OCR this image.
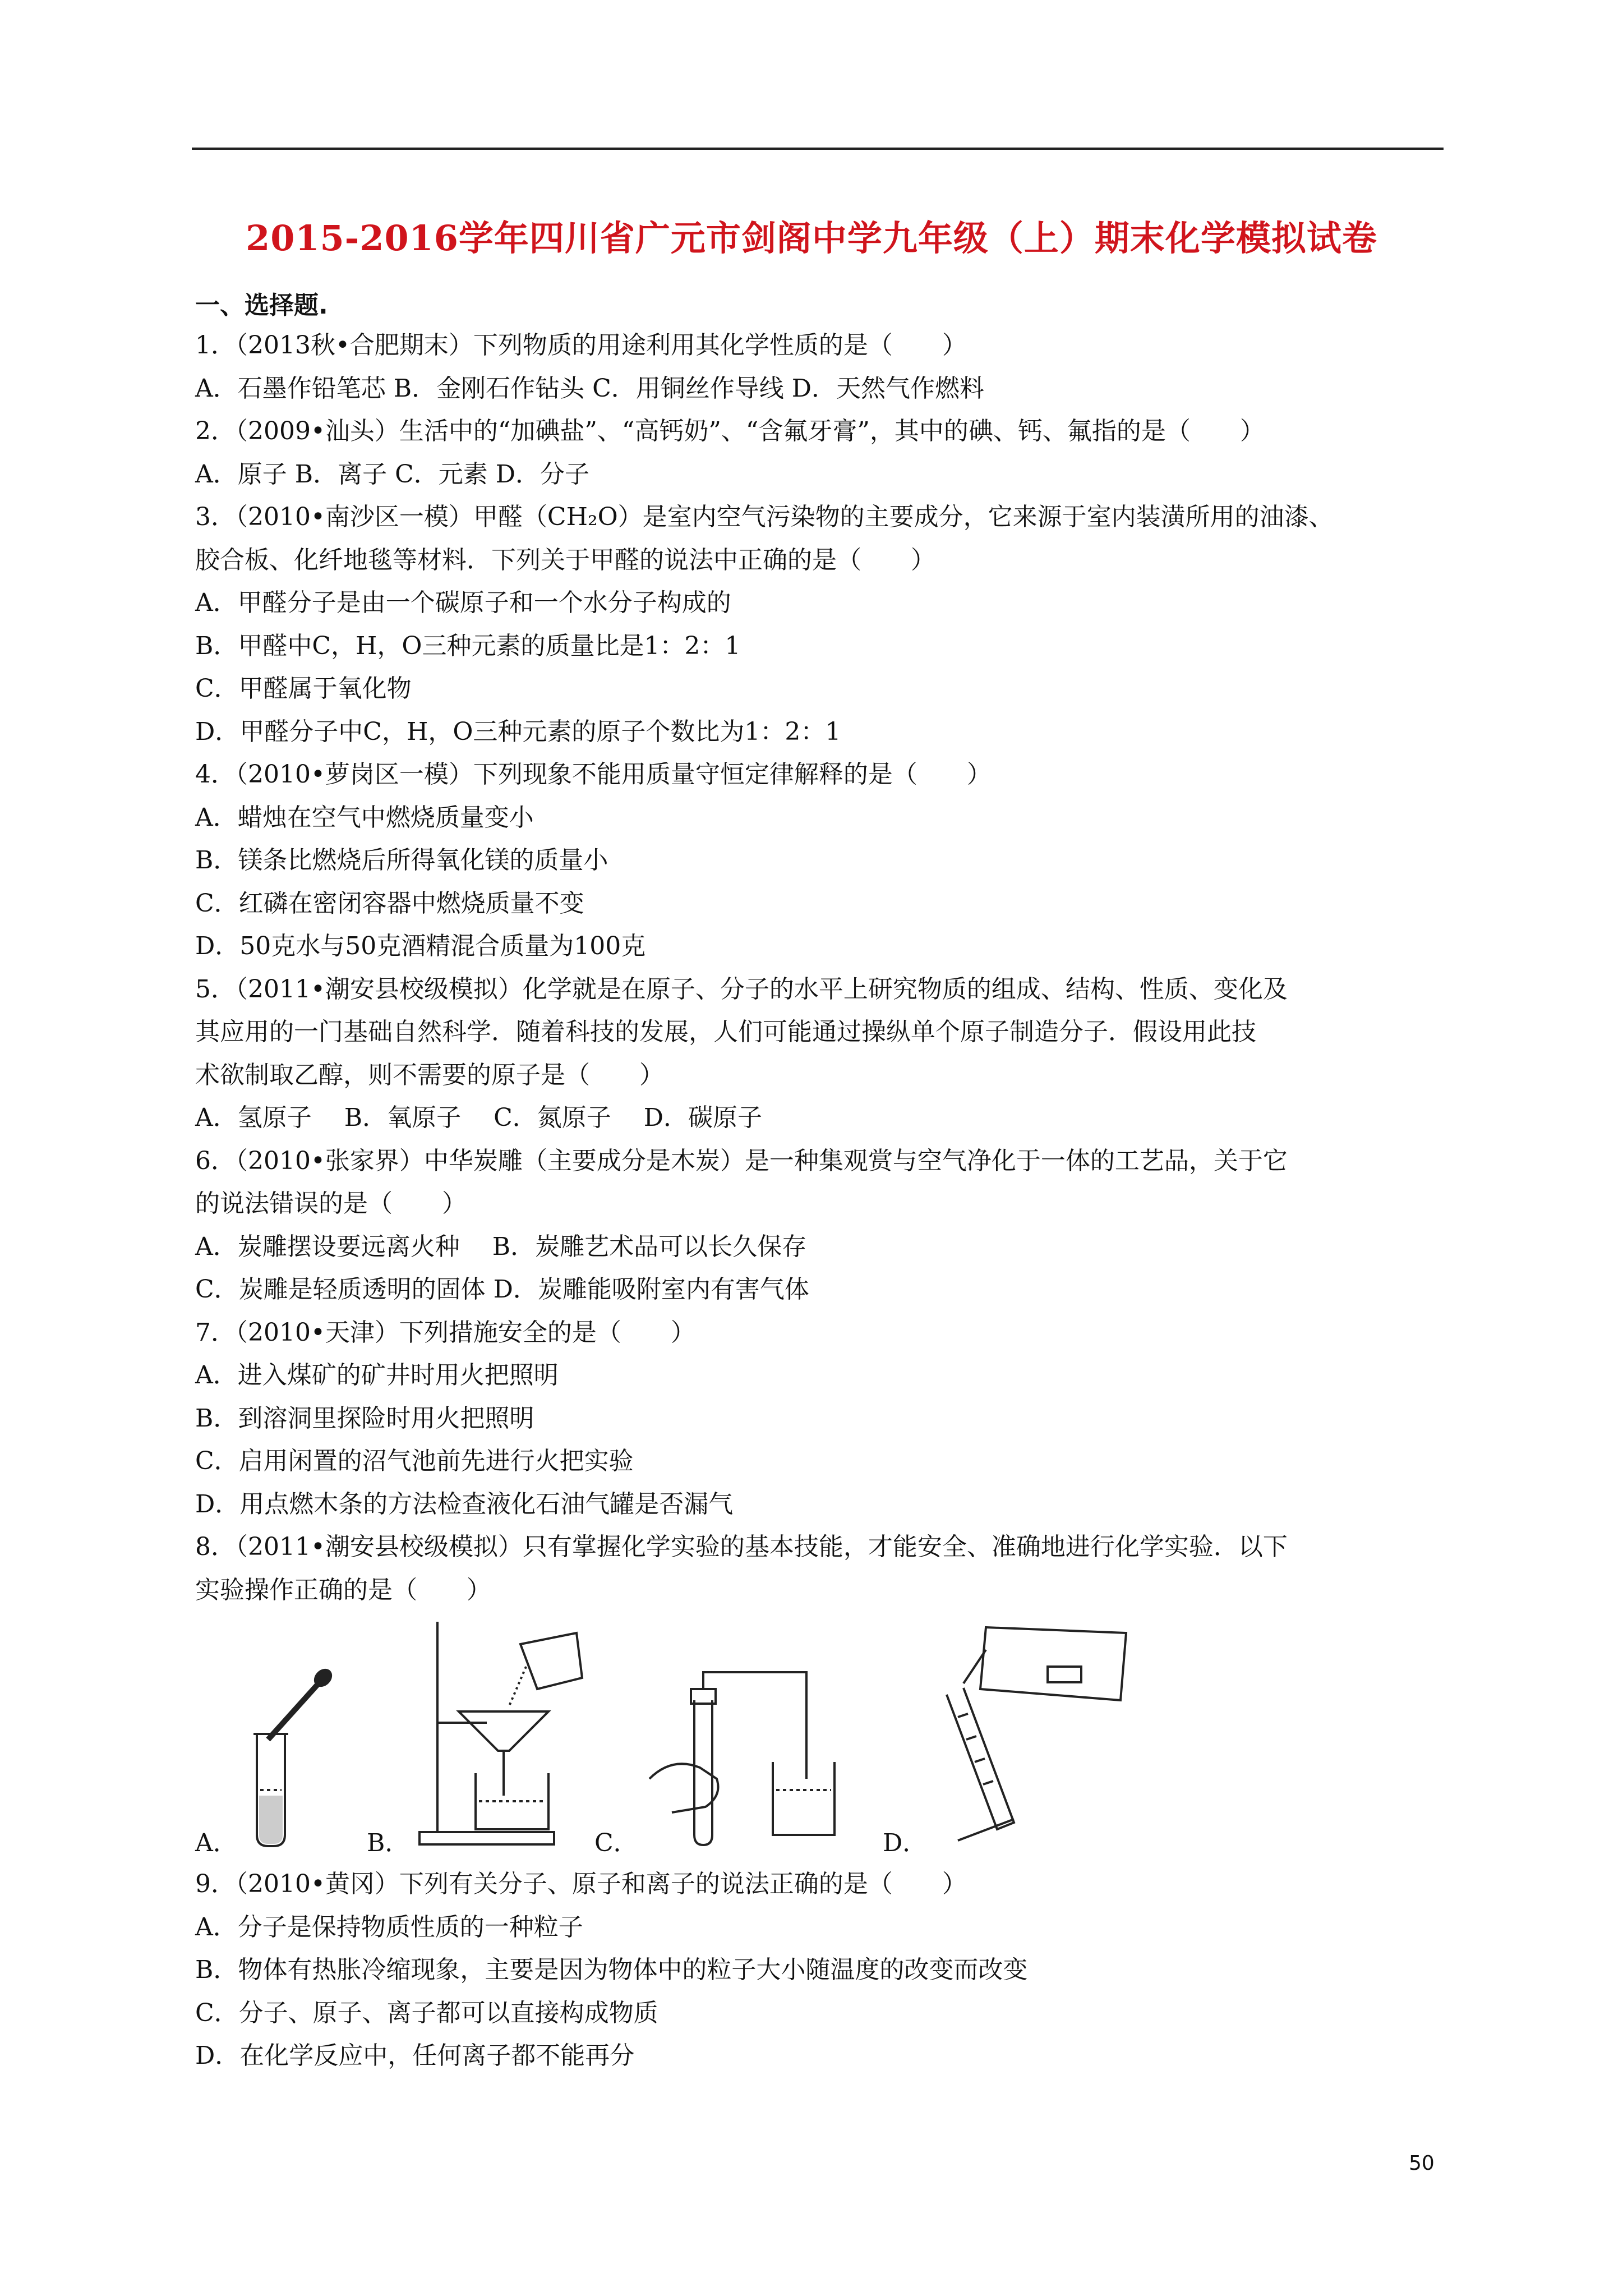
2015-2016学年四川省广元市剑阁中学九年级（上）期末化学模拟试卷
一、选择题.
1．（2013秋•合肥期末）下列物质的用途利用其化学性质的是（　　）
A．石墨作铅笔芯 B．金刚石作钻头 C．用铜丝作导线 D．天然气作燃料
2．（2009•汕头）生活中的“加碘盐”、“高钙奶”、“含氟牙膏”，其中的碘、钙、氟指的是（　　）
A．原子 B．离子 C．元素 D．分子
3．（2010•南沙区一模）甲醛（CH₂O）是室内空气污染物的主要成分，它来源于室内装潢所用的油漆、
胶合板、化纤地毯等材料．下列关于甲醛的说法中正确的是（　　）
A．甲醛分子是由一个碳原子和一个水分子构成的
B．甲醛中C，H，O三种元素的质量比是1：2：1
C．甲醛属于氧化物
D．甲醛分子中C，H，O三种元素的原子个数比为1：2：1
4．（2010•萝岗区一模）下列现象不能用质量守恒定律解释的是（　　）
A．蜡烛在空气中燃烧质量变小
B．镁条比燃烧后所得氧化镁的质量小
C．红磷在密闭容器中燃烧质量不变
D．50克水与50克酒精混合质量为100克
5．（2011•潮安县校级模拟）化学就是在原子、分子的水平上研究物质的组成、结构、性质、变化及
其应用的一门基础自然科学．随着科技的发展，人们可能通过操纵单个原子制造分子．假设用此技
术欲制取乙醇，则不需要的原子是（　　）
A．氢原子　 B．氧原子　 C．氮原子　 D．碳原子
6．（2010•张家界）中华炭雕（主要成分是木炭）是一种集观赏与空气净化于一体的工艺品，关于它
的说法错误的是（　　）
A．炭雕摆设要远离火种　 B．炭雕艺术品可以长久保存
C．炭雕是轻质透明的固体 D．炭雕能吸附室内有害气体
7．（2010•天津）下列措施安全的是（　　）
A．进入煤矿的矿井时用火把照明
B．到溶洞里探险时用火把照明
C．启用闲置的沼气池前先进行火把实验
D．用点燃木条的方法检查液化石油气罐是否漏气
8．（2011•潮安县校级模拟）只有掌握化学实验的基本技能，才能安全、准确地进行化学实验．以下
实验操作正确的是（　　）
A．	B．	C．	D．
9．（2010•黄冈）下列有关分子、原子和离子的说法正确的是（　　）
A．分子是保持物质性质的一种粒子
B．物体有热胀冷缩现象，主要是因为物体中的粒子大小随温度的改变而改变
C．分子、原子、离子都可以直接构成物质
D．在化学反应中，任何离子都不能再分
50
